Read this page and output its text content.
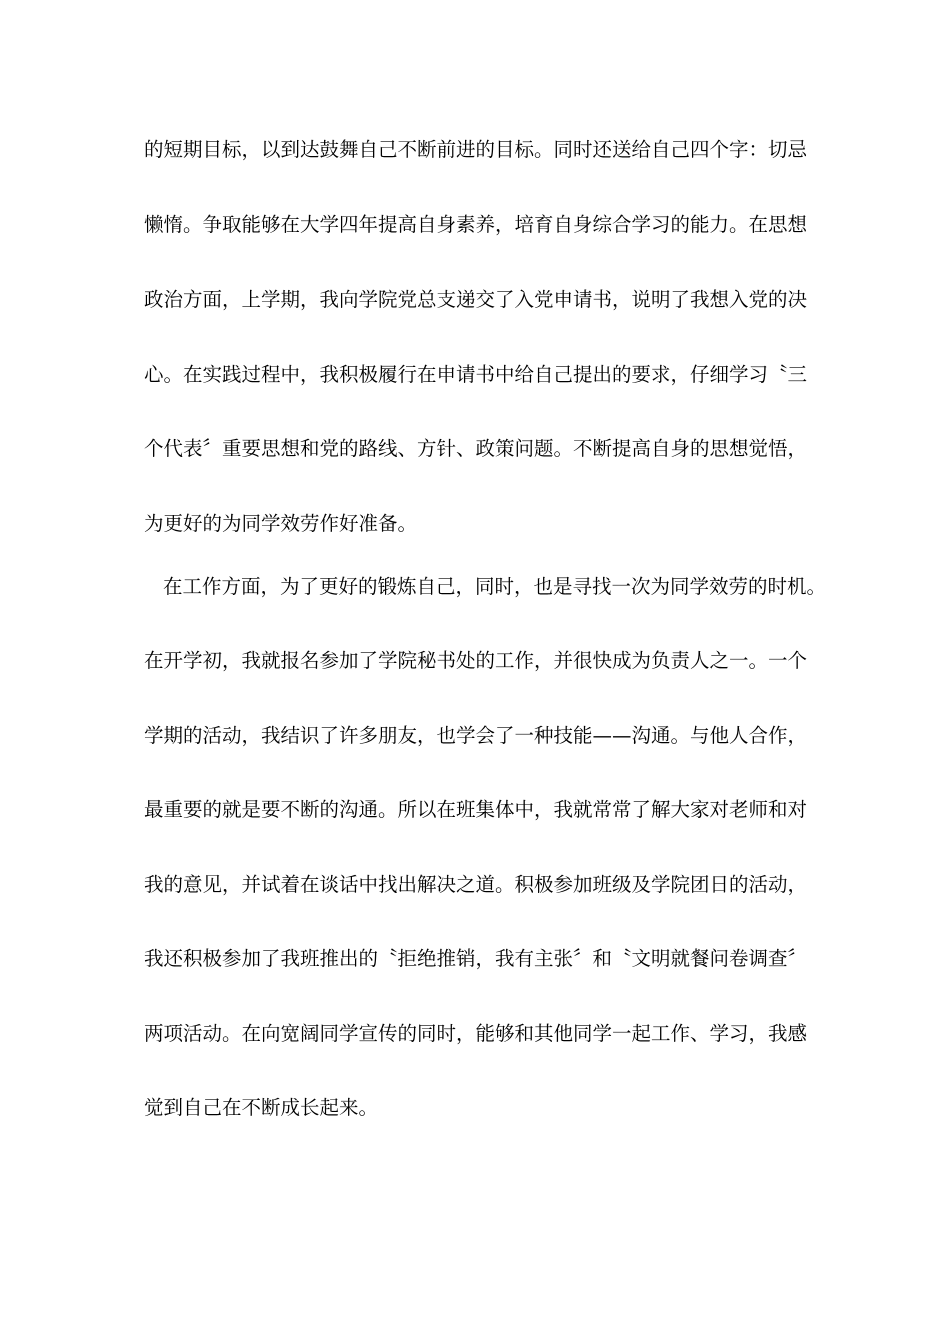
的短期目标，以到达鼓舞自己不断前进的目标。同时还送给自己四个字：切忌
懒惰。争取能够在大学四年提高自身素养，培育自身综合学习的能力。在思想
政治方面，上学期，我向学院党总支递交了入党申请书，说明了我想入党的决
心。在实践过程中，我积极履行在申请书中给自己提出的要求，仔细学习〝三
个代表〞重要思想和党的路线、方针、政策问题。不断提高自身的思想觉悟，
为更好的为同学效劳作好准备。
在工作方面，为了更好的锻炼自己，同时，也是寻找一次为同学效劳的时机。
在开学初，我就报名参加了学院秘书处的工作，并很快成为负责人之一。一个
学期的活动，我结识了许多朋友，也学会了一种技能——沟通。与他人合作，
最重要的就是要不断的沟通。所以在班集体中，我就常常了解大家对老师和对
我的意见，并试着在谈话中找出解决之道。积极参加班级及学院团日的活动，
我还积极参加了我班推出的〝拒绝推销，我有主张〞和〝文明就餐问卷调查〞
两项活动。在向宽阔同学宣传的同时，能够和其他同学一起工作、学习，我感
觉到自己在不断成长起来。
